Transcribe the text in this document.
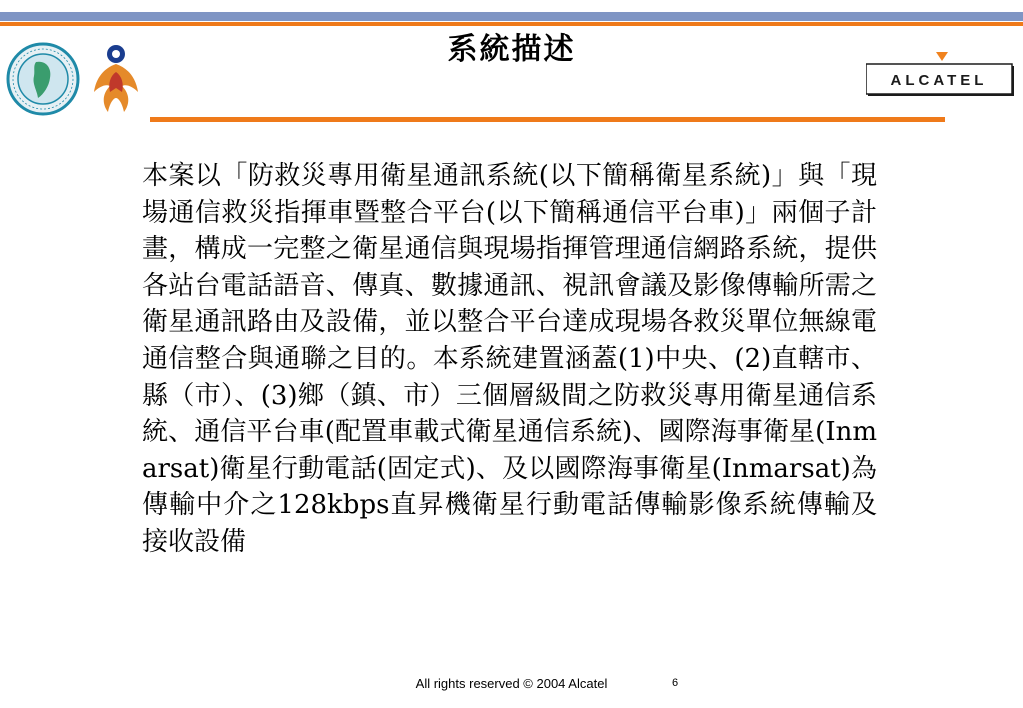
系統描述
ALCATEL
本案以「防救災專用衛星通訊系統(以下簡稱衛星系統)」與「現場通信救災指揮車暨整合平台(以下簡稱通信平台車)」兩個子計畫，構成一完整之衛星通信與現場指揮管理通信網路系統，提供各站台電話語音、傳真、數據通訊、視訊會議及影像傳輸所需之衛星通訊路由及設備，並以整合平台達成現場各救災單位無線電通信整合與通聯之目的。本系統建置涵蓋(1)中央、(2)直轄市、縣（市）、(3)鄉（鎮、市）三個層級間之防救災專用衛星通信系統、通信平台車(配置車載式衛星通信系統)、國際海事衛星(Inmarsat)衛星行動電話(固定式)、及以國際海事衛星(Inmarsat)為傳輸中介之128kbps直昇機衛星行動電話傳輸影像系統傳輸及接收設備
All rights reserved © 2004 Alcatel	6
